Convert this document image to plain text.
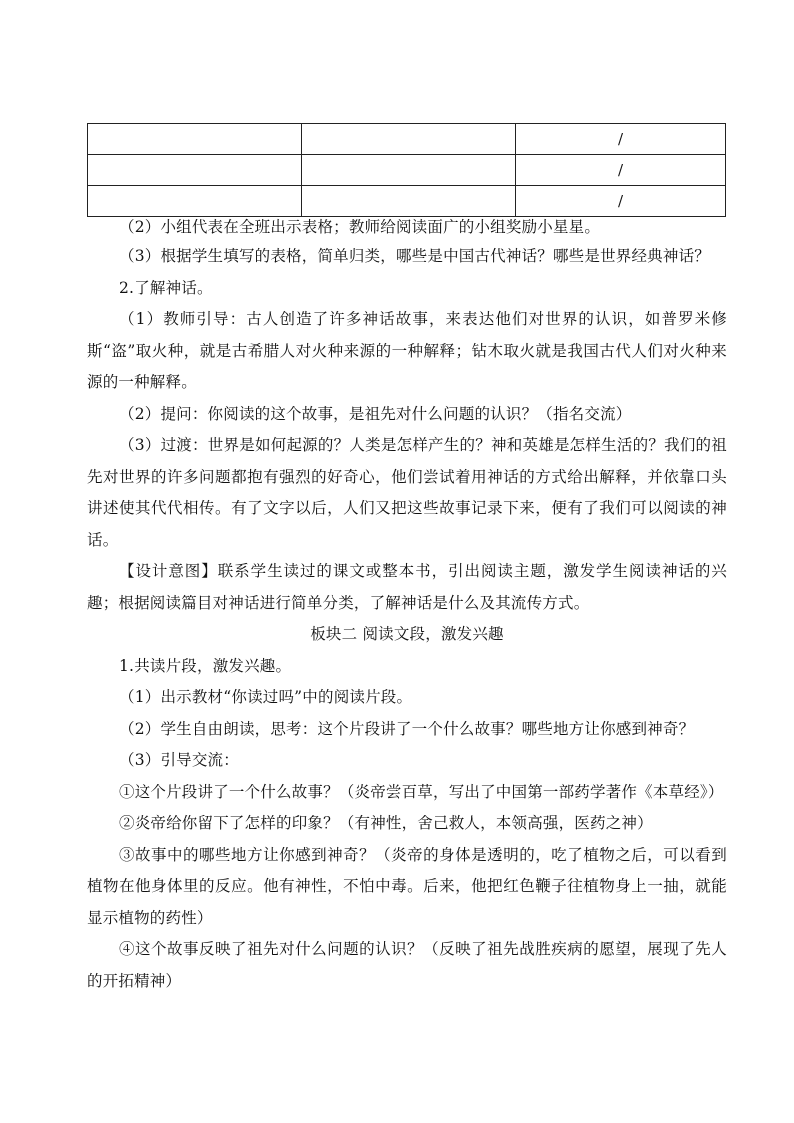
		/
		/
		/

（2）小组代表在全班出示表格；教师给阅读面广的小组奖励小星星。

（3）根据学生填写的表格，简单归类，哪些是中国古代神话？哪些是世界经典神话？

2.了解神话。

（1）教师引导：古人创造了许多神话故事，来表达他们对世界的认识，如普罗米修斯“盗”取火种，就是古希腊人对火种来源的一种解释；钻木取火就是我国古代人们对火种来源的一种解释。

（2）提问：你阅读的这个故事，是祖先对什么问题的认识？（指名交流）

（3）过渡：世界是如何起源的？人类是怎样产生的？神和英雄是怎样生活的？我们的祖先对世界的许多问题都抱有强烈的好奇心，他们尝试着用神话的方式给出解释，并依靠口头讲述使其代代相传。有了文字以后，人们又把这些故事记录下来，便有了我们可以阅读的神话。

【设计意图】联系学生读过的课文或整本书，引出阅读主题，激发学生阅读神话的兴趣；根据阅读篇目对神话进行简单分类，了解神话是什么及其流传方式。

板块二 阅读文段，激发兴趣

1.共读片段，激发兴趣。

（1）出示教材“你读过吗”中的阅读片段。

（2）学生自由朗读，思考：这个片段讲了一个什么故事？哪些地方让你感到神奇？

（3）引导交流：

①这个片段讲了一个什么故事？（炎帝尝百草，写出了中国第一部药学著作《本草经》）

②炎帝给你留下了怎样的印象？（有神性，舍己救人，本领高强，医药之神）

③故事中的哪些地方让你感到神奇？（炎帝的身体是透明的，吃了植物之后，可以看到植物在他身体里的反应。他有神性，不怕中毒。后来，他把红色鞭子往植物身上一抽，就能显示植物的药性）

④这个故事反映了祖先对什么问题的认识？（反映了祖先战胜疾病的愿望，展现了先人的开拓精神）
